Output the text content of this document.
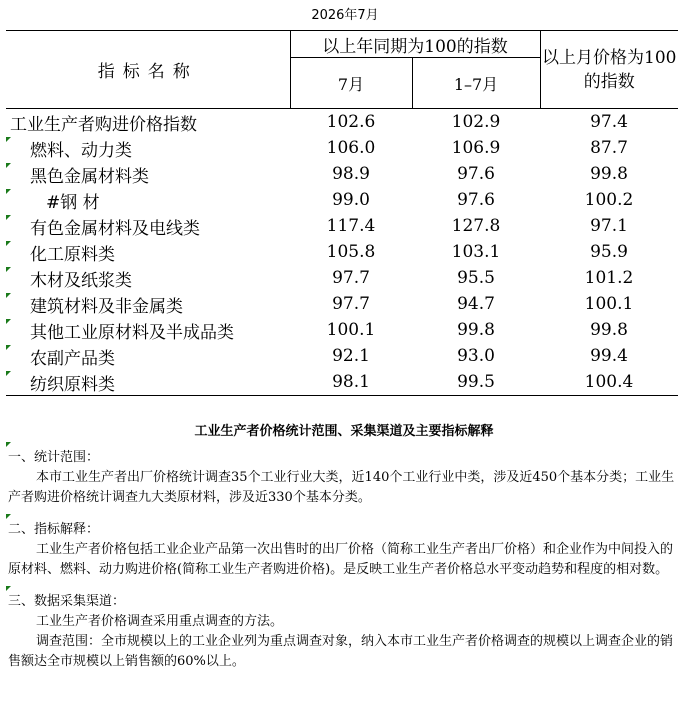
2026年7月
指标名称	以上年同期为100的指数		以上月价格为100的指数
	7月	1–7月	
工业生产者购进价格指数	102.6	102.9	97.4

燃料、动力类	106.0	106.9	87.7

黑色金属材料类	98.9	97.6	99.8

#钢 材	99.0	97.6	100.2

有色金属材料及电线类	117.4	127.8	97.1

化工原料类	105.8	103.1	95.9

木材及纸浆类	97.7	95.5	101.2

建筑材料及非金属类	97.7	94.7	100.1

其他工业原材料及半成品类	100.1	99.8	99.8

农副产品类	92.1	93.0	99.4

纺织原料类	98.1	99.5	100.4
工业生产者价格统计范围、采集渠道及主要指标解释
一、统计范围：
本市工业生产者出厂价格统计调查35个工业行业大类，近140个工业行业中类，涉及近450个基本分类；工业生产者购进价格统计调查九大类原材料，涉及近330个基本分类。
二、指标解释：
工业生产者价格包括工业企业产品第一次出售时的出厂价格（简称工业生产者出厂价格）和企业作为中间投入的原材料、燃料、动力购进价格(简称工业生产者购进价格)。是反映工业生产者价格总水平变动趋势和程度的相对数。
三、数据采集渠道：
工业生产者价格调查采用重点调查的方法。
调查范围：全市规模以上的工业企业列为重点调查对象，纳入本市工业生产者价格调查的规模以上调查企业的销售额达全市规模以上销售额的60%以上。
